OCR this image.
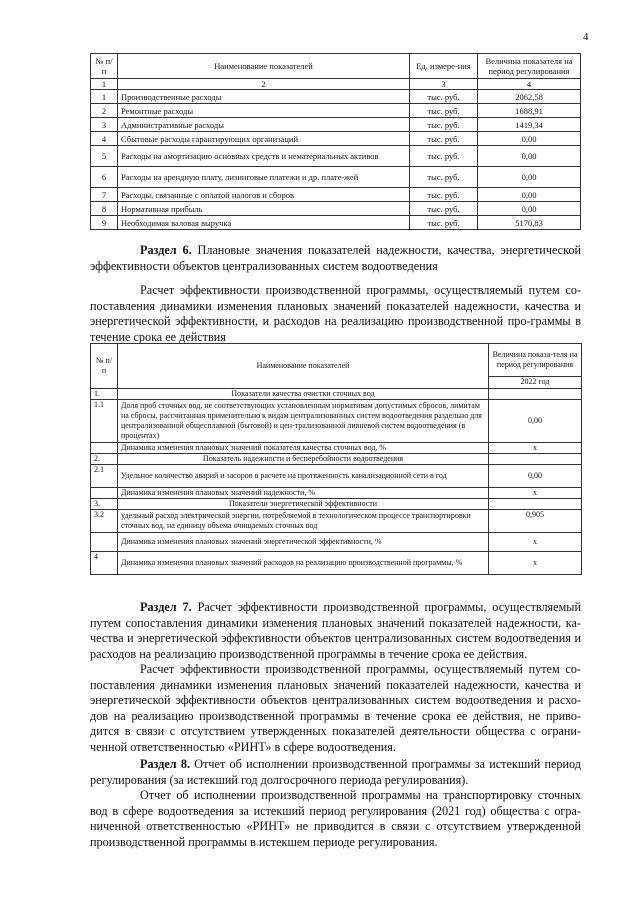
4
№ п/п	Наименование показателей	Ед. измере-ния	Величина показателя на период регулирования
1	2	3	4
1	Производственные расходы	тыс. руб.	2062,58
2	Ремонтные расходы	тыс. руб.	1688,91
3	Административные расходы	тыс. руб.	1419,34
4	Сбытовые расходы гарантирующих организаций	тыс. руб.	0,00
5	Расходы на амортизацию основных средств и нематериальных активов	тыс. руб.	0,00
6	Расходы на арендную плату, лизинговые платежи и др. плате-жей	тыс. руб.	0,00
7	Расходы, связанные с оплатой налогов и сборов	тыс. руб.	0,00
8	Нормативная прибыль	тыс. руб.	0,00
9	Необходимая валовая выручка	тыс. руб.	5170,83

Раздел 6. Плановые значения показателей надежности, качества, энергетической эффективности объектов централизованных систем водоотведения

Расчет эффективности производственной программы, осуществляемый путем со-поставления динамики изменения плановых значений показателей надежности, качества и энергетической эффективности, и расходов на реализацию производственной про-граммы в течение срока ее действия

№ п/ п	Наименование показателей	Величина показа-теля на период регулирования
		2022 год
1.	Показатели качества очистки сточных вод	
1.1	Доля проб сточных вод, не соответствующих установленным нормативам допустимых сбросов, лимитам на сбросы, рассчитанная применительно к видам централизованных систем водоотведения раздельно для централизованной общесплавной (бытовой) и цен-трализованной ливневой систем водоотведения (в процентах)	0,00
	Динамика изменения плановых значений показателя качества сточных вод, %	x
2.	Показатель надежности и бесперебойности водоотведения	
2.1	Удельное количество аварий и засоров в расчете на протяженность канализационной сети в год	0,00
	Динамика изменения плановых значений надежности, %	x
3.	Показатели энергетической эффективности	
3.2	удельный расход электрической энергии, потребляемой в технологическом процессе транспортировки сточных вод, на единицу объема очищаемых сточных вод	0,905
	Динамика изменения плановых значений энергетической эффективности, %	x
4	Динамика изменения плановых значений расходов на реализацию производственной программы, %	x

Раздел 7. Расчет эффективности производственной программы, осуществляемый путем сопоставления динамики изменения плановых значений показателей надежности, ка-чества и энергетической эффективности объектов централизованных систем водоотведения и расходов на реализацию производственной программы в течение срока ее действия.

Расчет эффективности производственной программы, осуществляемый путем со-поставления динамики изменения плановых значений показателей надежности, качества и энергетической эффективности объектов централизованных систем водоотведения и расхо-дов на реализацию производственной программы в течение срока ее действия, не приво-дится в связи с отсутствием утвержденных показателей деятельности общества с ограни-ченной ответственностью «РИНТ» в сфере водоотведения.

Раздел 8. Отчет об исполнении производственной программы за истекший период регулирования (за истекший год долгосрочного периода регулирования).

Отчет об исполнении производственной программы на транспортировку сточных вод в сфере водоотведения за истекший период регулирования (2021 год) общества с огра-ниченной ответственностью «РИНТ» не приводится в связи с отсутствием утвержденной производственной программы в истекшем периоде регулирования.
